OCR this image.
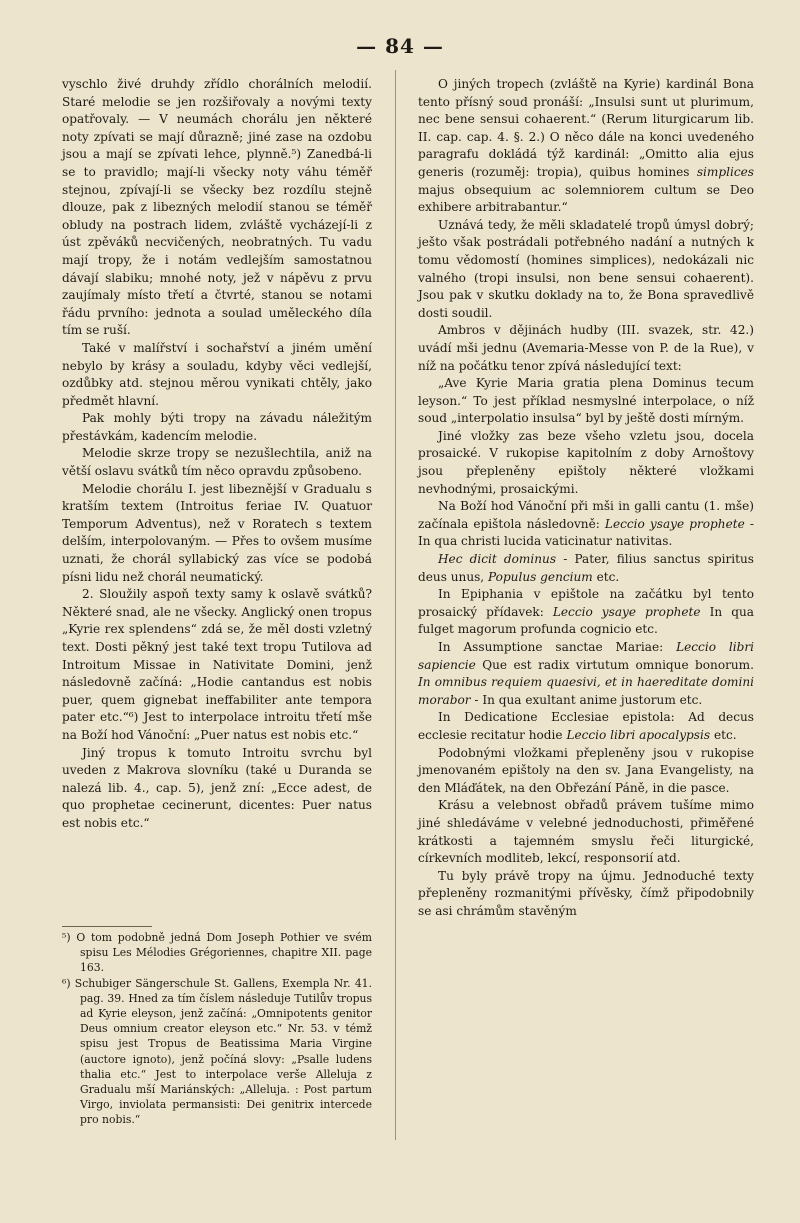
— 84 —

vyschlo živé druhdy zřídlo chorálních melodií. Staré melodie se jen rozšiřovaly a novými texty opatřovaly. — V neumách chorálu jen některé noty zpívati se mají důrazně; jiné zase na ozdobu jsou a mají se zpívati lehce, plynně.⁵) Zanedbá-li se to pravidlo; mají-li všecky noty váhu téměř stejnou, zpívají-li se všecky bez rozdílu stejně dlouze, pak z libezných melodií stanou se téměř obludy na postrach lidem, zvláště vycházejí-li z úst zpěváků necvičených, neobratných. Tu vadu mají tropy, že i notám vedlejším samostatnou dávají slabiku; mnohé noty, jež v nápěvu z prvu zaujímaly místo třetí a čtvrté, stanou se notami řádu prvního: jednota a soulad uměleckého díla tím se ruší.

Také v malířství i sochařství a jiném umění nebylo by krásy a souladu, kdyby věci vedlejší, ozdůbky atd. stejnou měrou vynikati chtěly, jako předmět hlavní.

Pak mohly býti tropy na závadu náležitým přestávkám, kadencím melodie.

Melodie skrze tropy se nezušlechtila, aniž na větší oslavu svátků tím něco opravdu způsobeno.

Melodie chorálu I. jest libeznější v Gradualu s kratším textem (Introitus feriae IV. Quatuor Temporum Adventus), než v Roratech s textem delším, interpolovaným. — Přes to ovšem musíme uznati, že chorál syllabický zas více se podobá písni lidu než chorál neumatický.

2. Sloužily aspoň texty samy k oslavě svátků? Některé snad, ale ne všecky. Anglický onen tropus „Kyrie rex splendens“ zdá se, že měl dosti vzletný text. Dosti pěkný jest také text tropu Tutilova ad Introitum Missae in Nativitate Domini, jenž následovně začíná: „Hodie cantandus est nobis puer, quem gignebat ineffabiliter ante tempora pater etc.“⁶) Jest to interpolace introitu třetí mše na Boží hod Vánoční: „Puer natus est nobis etc.“

Jiný tropus k tomuto Introitu svrchu byl uveden z Makrova slovníku (také u Duranda se nalezá lib. 4., cap. 5), jenž zní: „Ecce adest, de quo prophetae cecinerunt, dicentes: Puer natus est nobis etc.“

⁵) O tom podobně jedná Dom Joseph Pothier ve svém spisu Les Mélodies Grégoriennes, chapitre XII. page 163.

⁶) Schubiger Sängerschule St. Gallens, Exempla Nr. 41. pag. 39. Hned za tím číslem následuje Tutilův tropus ad Kyrie eleyson, jenž začíná: „Omnipotents genitor Deus omnium creator eleyson etc.“ Nr. 53. v témž spisu jest Tropus de Beatissima Maria Virgine (auctore ignoto), jenž počíná slovy: „Psalle ludens thalia etc.“ Jest to interpolace verše Alleluja z Gradualu mší Mariánských: „Alleluja. : Post partum Virgo, inviolata permansisti: Dei genitrix intercede pro nobis.“

O jiných tropech (zvláště na Kyrie) kardinál Bona tento přísný soud pronáší: „Insulsi sunt ut plurimum, nec bene sensui cohaerent.“ (Rerum liturgicarum lib. II. cap. cap. 4. §. 2.) O něco dále na konci uvedeného paragrafu dokládá týž kardinál: „Omitto alia ejus generis (rozuměj: tropia), quibus homines simplices majus obsequium ac solemniorem cultum se Deo exhibere arbitrabantur.“

Uznává tedy, že měli skladatelé tropů úmysl dobrý; ješto však postrádali potřebného nadání a nutných k tomu vědomostí (homines simplices), nedokázali nic valného (tropi insulsi, non bene sensui cohaerent). Jsou pak v skutku doklady na to, že Bona spravedlivě dosti soudil.

Ambros v dějinách hudby (III. svazek, str. 42.) uvádí mši jednu (Avemaria-Messe von P. de la Rue), v níž na počátku tenor zpívá následující text:

„Ave Kyrie Maria gratia plena Dominus tecum leyson.“ To jest příklad nesmyslné interpolace, o níž soud „interpolatio insulsa“ byl by ještě dosti mírným.

Jiné vložky zas beze všeho vzletu jsou, docela prosaické. V rukopise kapitolním z doby Arnoštovy jsou přepleněny epištoly některé vložkami nevhodnými, prosaickými.

Na Boží hod Vánoční při mši in galli cantu (1. mše) začínala epištola následovně: Leccio ysaye prophete - In qua christi lucida vaticinatur nativitas.

Hec dicit dominus - Pater, filius sanctus spiritus deus unus, Populus gencium etc.

In Epiphania v epištole na začátku byl tento prosaický přídavek: Leccio ysaye prophete In qua fulget magorum profunda cognicio etc.

In Assumptione sanctae Mariae: Leccio libri sapiencie Que est radix virtutum omnique bonorum. In omnibus requiem quaesivi, et in haereditate domini morabor - In qua exultant anime justorum etc.

In Dedicatione Ecclesiae epistola: Ad decus ecclesie recitatur hodie Leccio libri apocalypsis etc.

Podobnými vložkami přepleněny jsou v rukopise jmenovaném epištoly na den sv. Jana Evangelisty, na den Mláďátek, na den Obřezání Páně, in die pasce.

Krásu a velebnost obřadů právem tušíme mimo jiné shledáváme v velebné jednoduchosti, přiměřené krátkosti a tajemném smyslu řeči liturgické, církevních modliteb, lekcí, responsorií atd.

Tu byly právě tropy na újmu. Jednoduché texty přepleněny rozmanitými přívěsky, čímž připodobnily se asi chrámům stavěným
